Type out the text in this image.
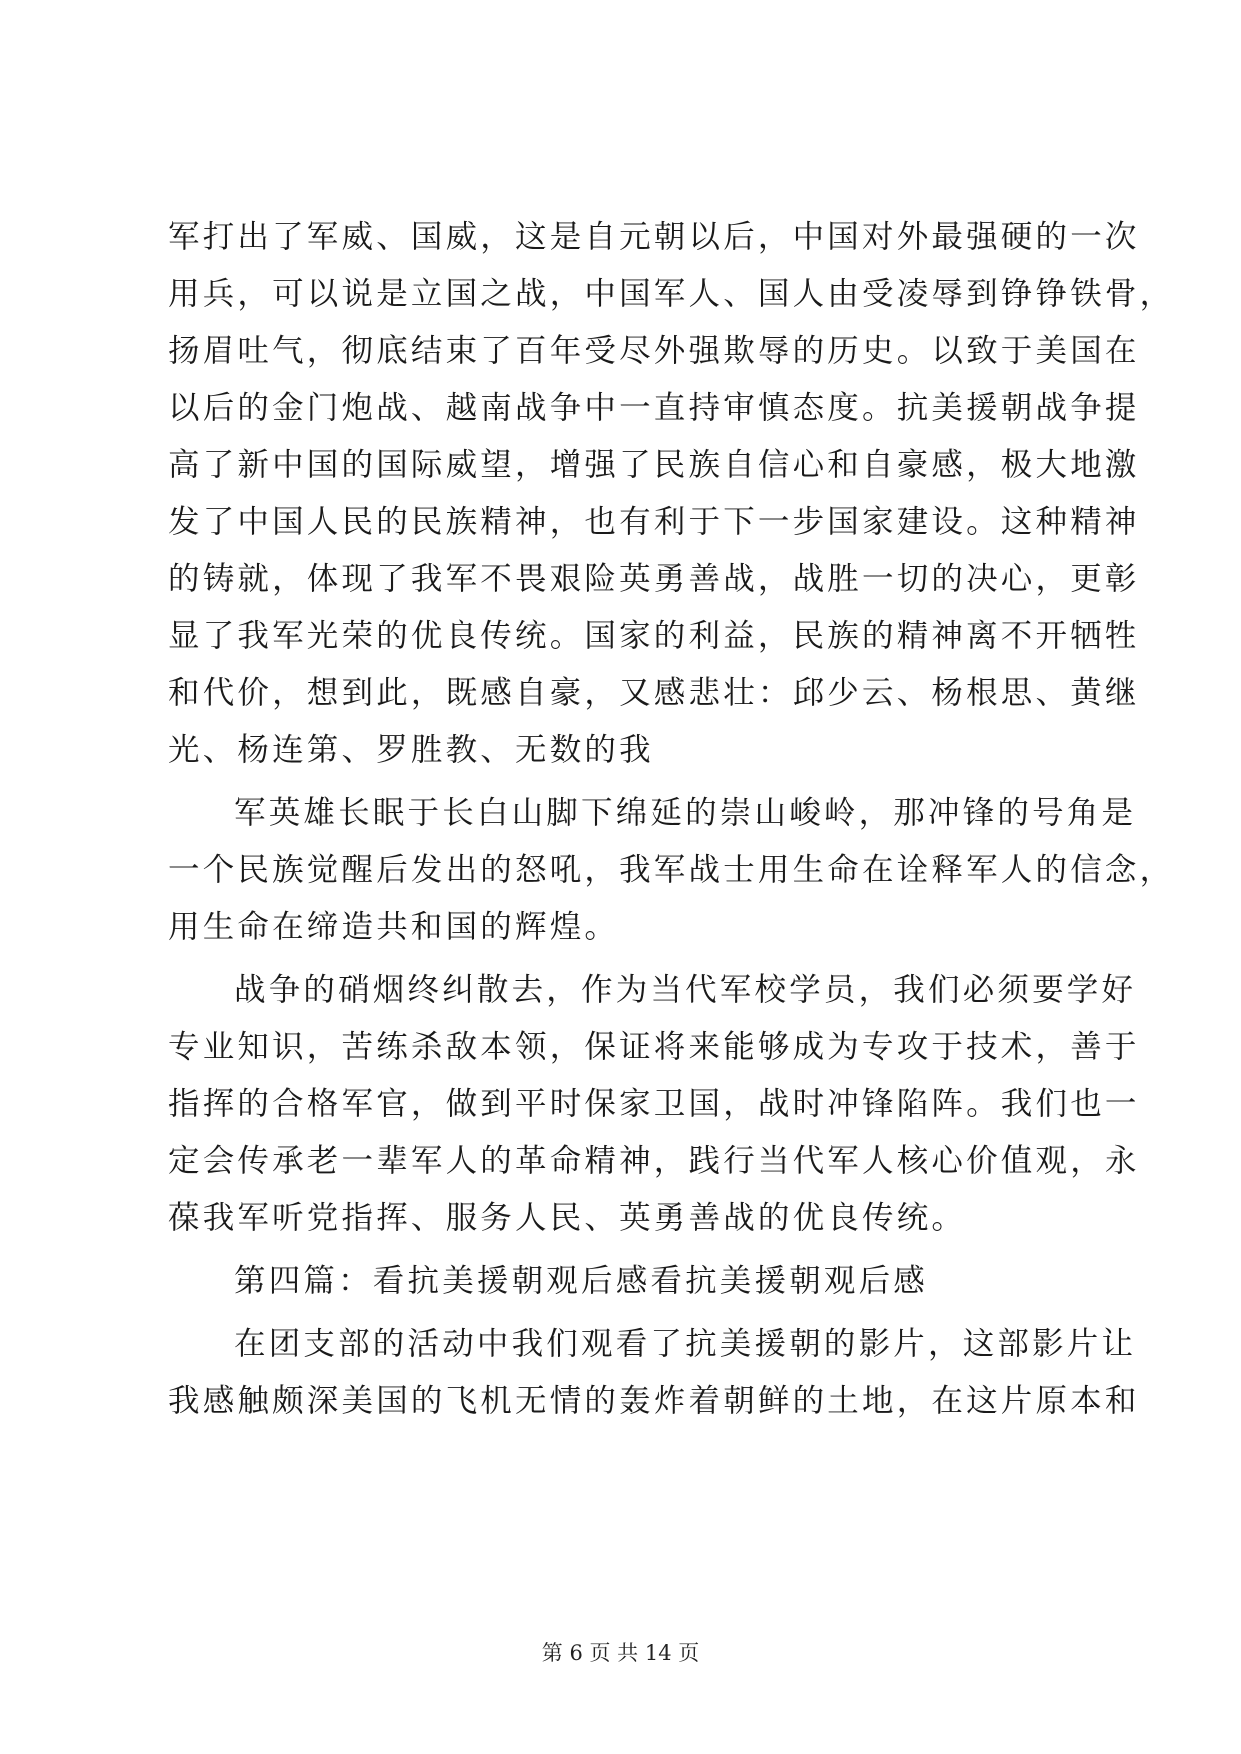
军打出了军威、国威，这是自元朝以后，中国对外最强硬的一次
用兵，可以说是立国之战，中国军人、国人由受凌辱到铮铮铁骨，
扬眉吐气，彻底结束了百年受尽外强欺辱的历史。以致于美国在
以后的金门炮战、越南战争中一直持审慎态度。抗美援朝战争提
高了新中国的国际威望，增强了民族自信心和自豪感，极大地激
发了中国人民的民族精神，也有利于下一步国家建设。这种精神
的铸就，体现了我军不畏艰险英勇善战，战胜一切的决心，更彰
显了我军光荣的优良传统。国家的利益，民族的精神离不开牺牲
和代价，想到此，既感自豪，又感悲壮：邱少云、杨根思、黄继
光、杨连第、罗胜教、无数的我
军英雄长眠于长白山脚下绵延的崇山峻岭，那冲锋的号角是
一个民族觉醒后发出的怒吼，我军战士用生命在诠释军人的信念，
用生命在缔造共和国的辉煌。
战争的硝烟终纠散去，作为当代军校学员，我们必须要学好
专业知识，苦练杀敌本领，保证将来能够成为专攻于技术，善于
指挥的合格军官，做到平时保家卫国，战时冲锋陷阵。我们也一
定会传承老一辈军人的革命精神，践行当代军人核心价值观，永
葆我军听党指挥、服务人民、英勇善战的优良传统。
第四篇：看抗美援朝观后感看抗美援朝观后感
在团支部的活动中我们观看了抗美援朝的影片，这部影片让
我感触颇深美国的飞机无情的轰炸着朝鲜的土地，在这片原本和
第 6 页 共 14 页
